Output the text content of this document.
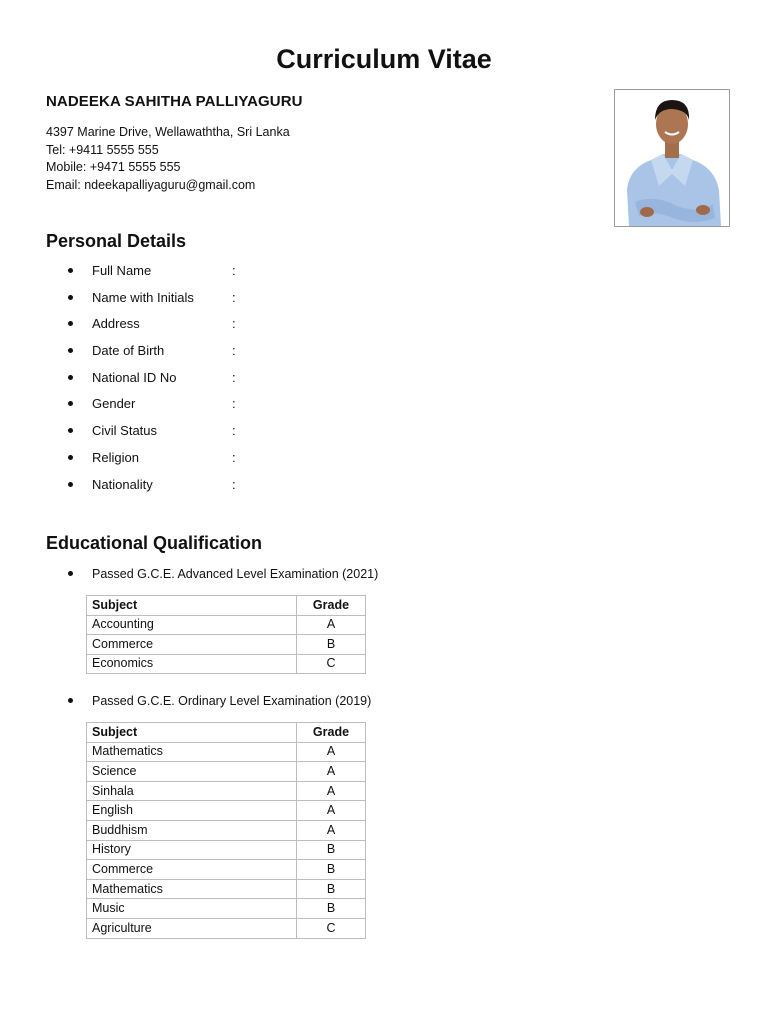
Curriculum Vitae
NADEEKA SAHITHA PALLIYAGURU
4397 Marine Drive, Wellawaththa, Sri Lanka
Tel: +9411 5555 555
Mobile: +9471 5555 555
Email: ndeekapalliyaguru@gmail.com
Personal Details
Full Name	:
Name with Initials	:
Address	:
Date of Birth	:
National ID No	:
Gender	:
Civil Status	:
Religion	:
Nationality	:
Educational Qualification
Passed G.C.E. Advanced Level Examination (2021)
Subject	Grade
Accounting	A
Commerce	B
Economics	C
Passed G.C.E. Ordinary Level Examination (2019)
Subject	Grade
Mathematics	A
Science	A
Sinhala	A
English	A
Buddhism	A
History	B
Commerce	B
Mathematics	B
Music	B
Agriculture	C
